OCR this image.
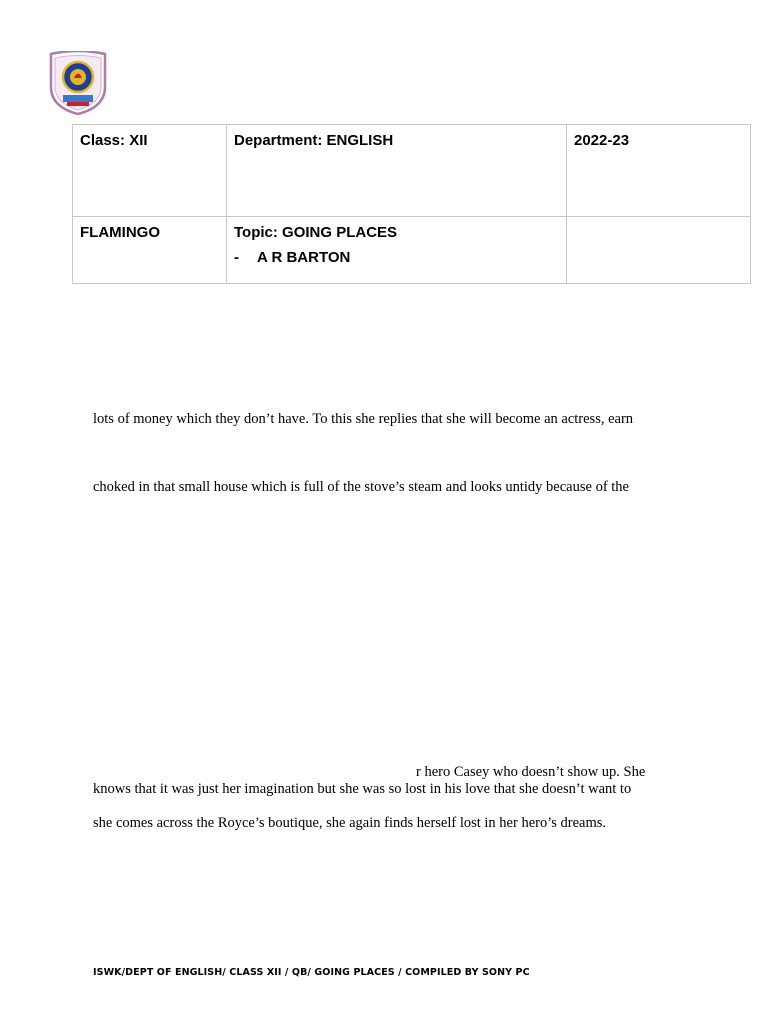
Class: XII	Department: ENGLISH	2022-23
FLAMINGO	Topic: GOING PLACES
- A R BARTON	

lots of money which they don’t have. To this she replies that she will become an actress, earn
choked in that small house which is full of the stove’s steam and looks untidy because of the
r hero Casey who doesn’t show up. She
knows that it was just her imagination but she was so lost in his love that she doesn’t want to
she comes across the Royce’s boutique, she again finds herself lost in her hero’s dreams.
ISWK/DEPT OF ENGLISH/ CLASS XII / QB/ GOING PLACES / COMPILED BY SONY PC
